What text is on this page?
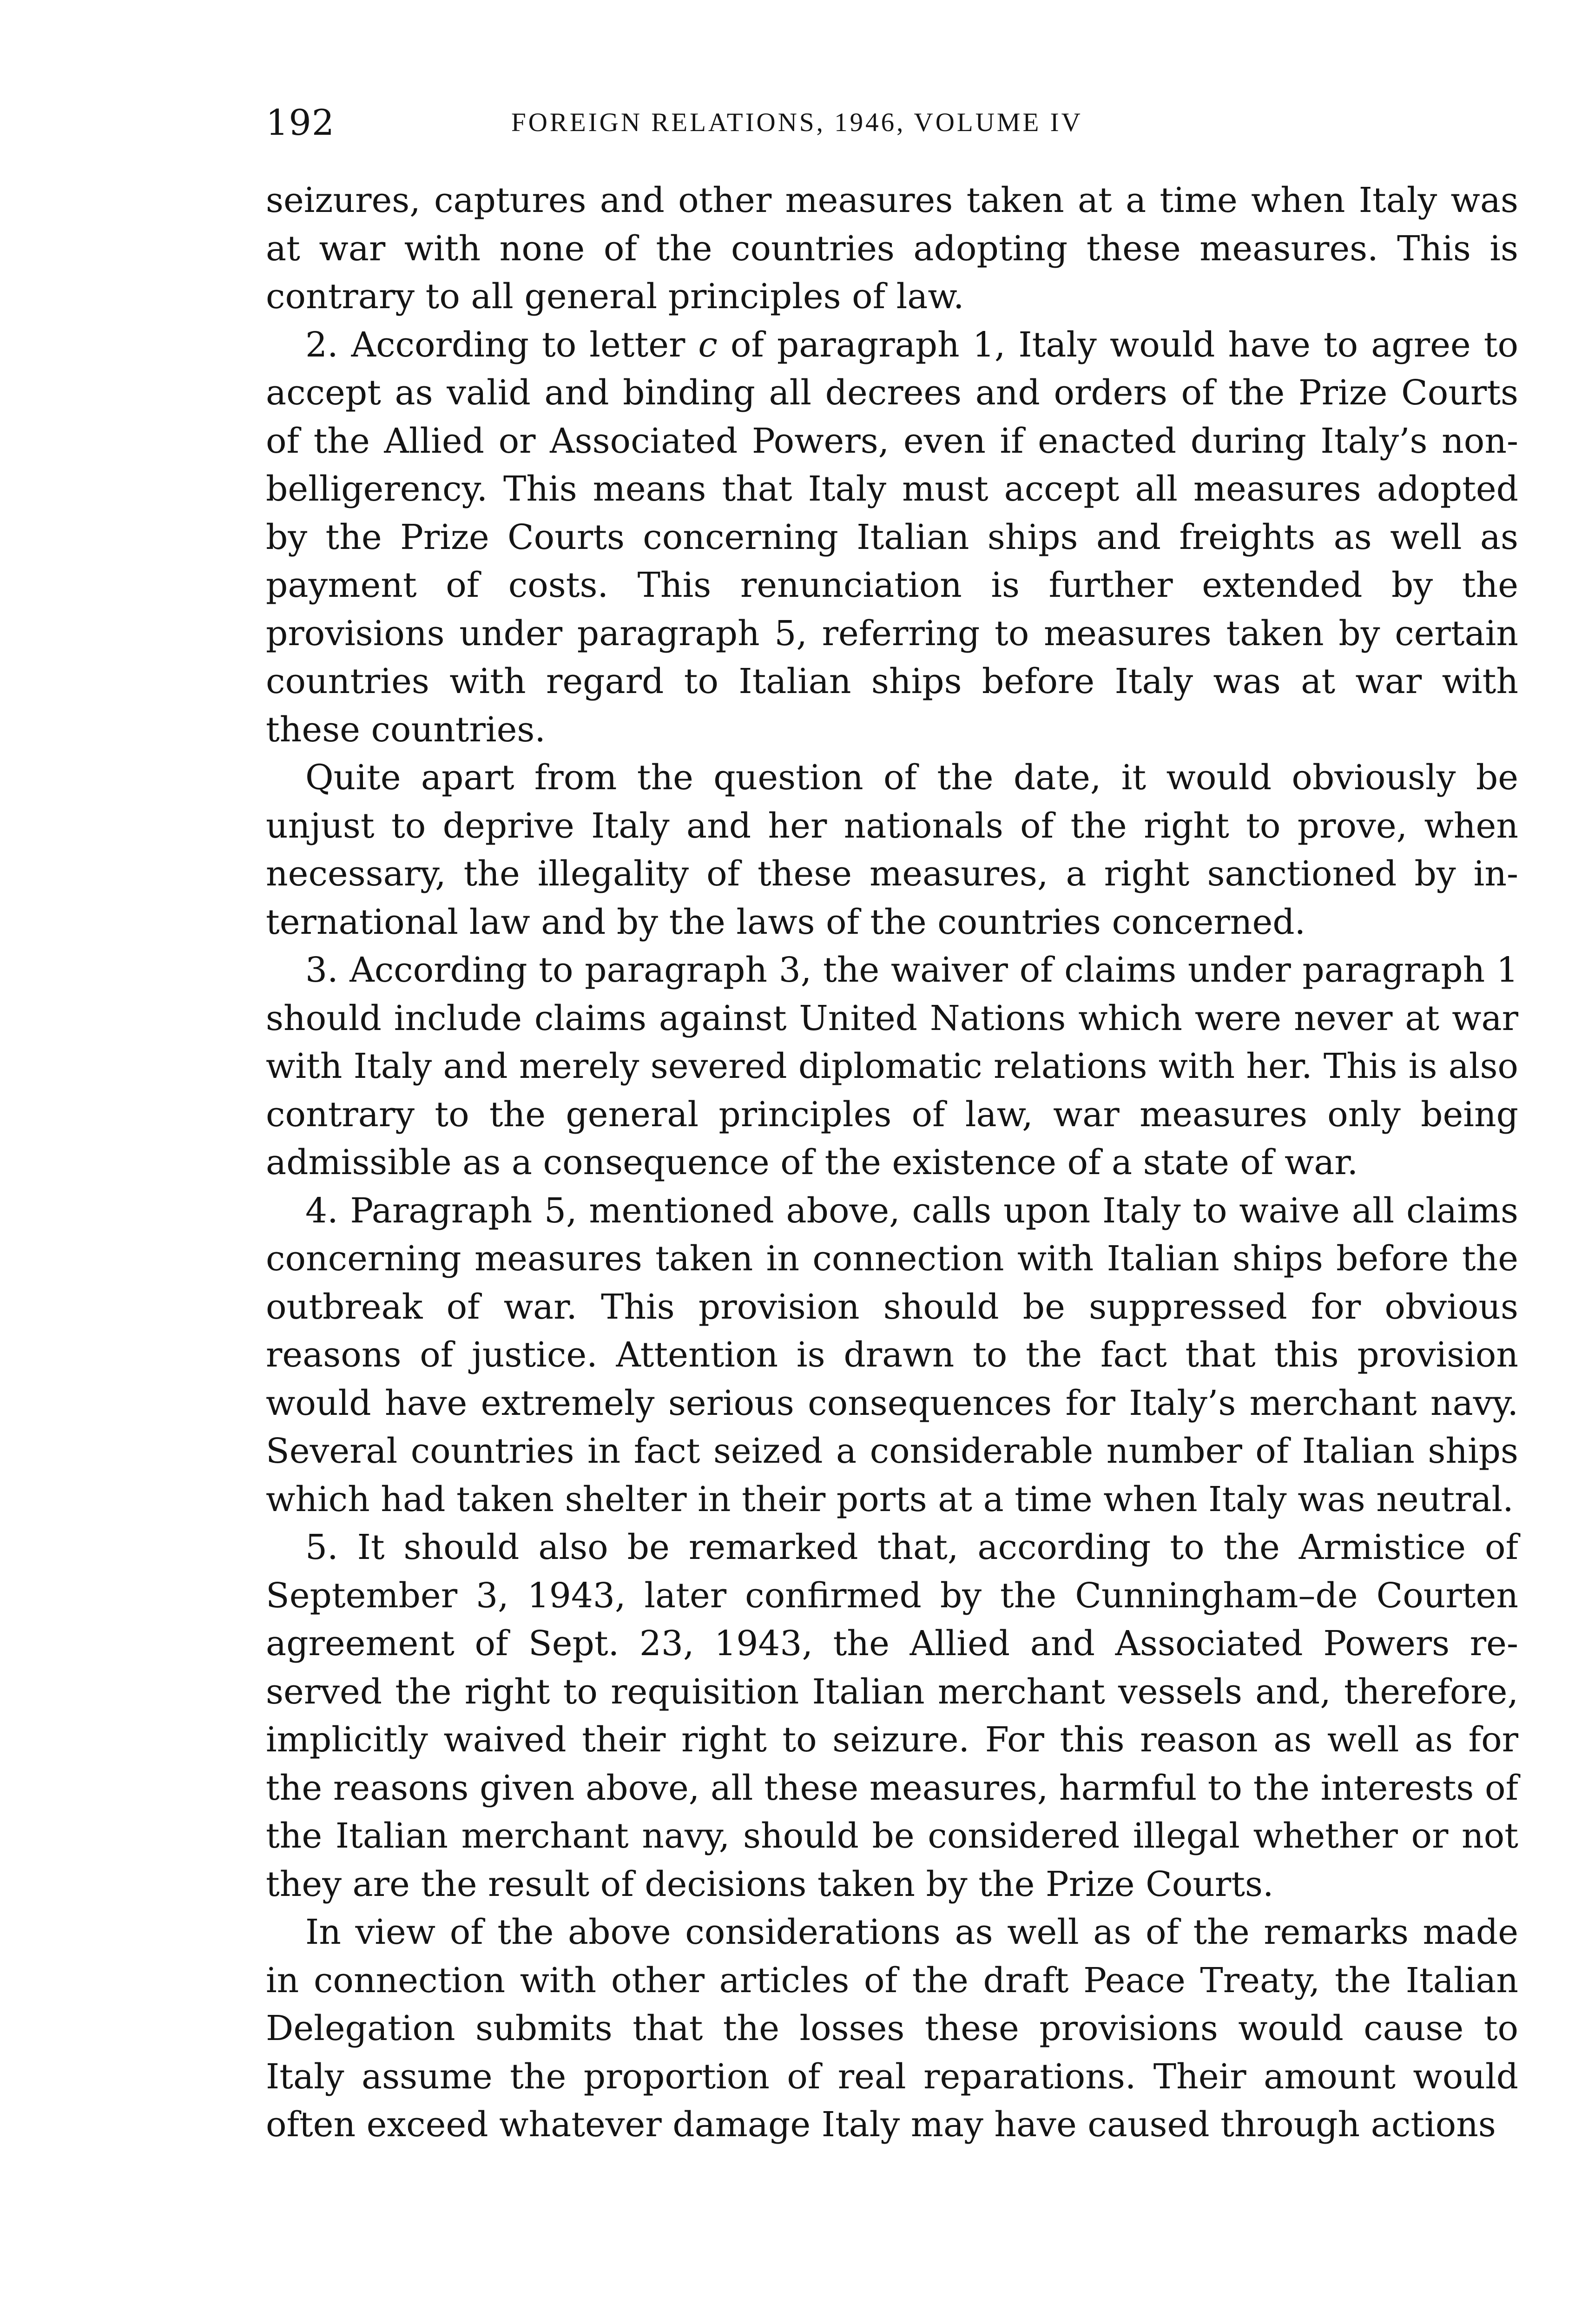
192	FOREIGN RELATIONS, 1946, VOLUME IV

seizures, captures and other measures taken at a time when Italy was at war with none of the countries adopting these measures. This is contrary to all general principles of law.

2. According to letter c of paragraph 1, Italy would have to agree to accept as valid and binding all decrees and orders of the Prize Courts of the Allied or Associated Powers, even if enacted during Italy’s non-belligerency. This means that Italy must accept all measures adopted by the Prize Courts concerning Italian ships and freights as well as payment of costs. This renunciation is further extended by the provisions under paragraph 5, referring to measures taken by certain countries with regard to Italian ships before Italy was at war with these countries.

Quite apart from the question of the date, it would obviously be unjust to deprive Italy and her nationals of the right to prove, when necessary, the illegality of these measures, a right sanctioned by international law and by the laws of the countries concerned.

3. According to paragraph 3, the waiver of claims under paragraph 1 should include claims against United Nations which were never at war with Italy and merely severed diplomatic relations with her. This is also contrary to the general principles of law, war measures only being admissible as a consequence of the existence of a state of war.

4. Paragraph 5, mentioned above, calls upon Italy to waive all claims concerning measures taken in connection with Italian ships before the outbreak of war. This provision should be suppressed for obvious reasons of justice. Attention is drawn to the fact that this provision would have extremely serious consequences for Italy’s merchant navy. Several countries in fact seized a considerable number of Italian ships which had taken shelter in their ports at a time when Italy was neutral.

5. It should also be remarked that, according to the Armistice of September 3, 1943, later confirmed by the Cunningham–de Courten agreement of Sept. 23, 1943, the Allied and Associated Powers reserved the right to requisition Italian merchant vessels and, therefore, implicitly waived their right to seizure. For this reason as well as for the reasons given above, all these measures, harmful to the interests of the Italian merchant navy, should be considered illegal whether or not they are the result of decisions taken by the Prize Courts.

In view of the above considerations as well as of the remarks made in connection with other articles of the draft Peace Treaty, the Italian Delegation submits that the losses these provisions would cause to Italy assume the proportion of real reparations. Their amount would often exceed whatever damage Italy may have caused through actions
